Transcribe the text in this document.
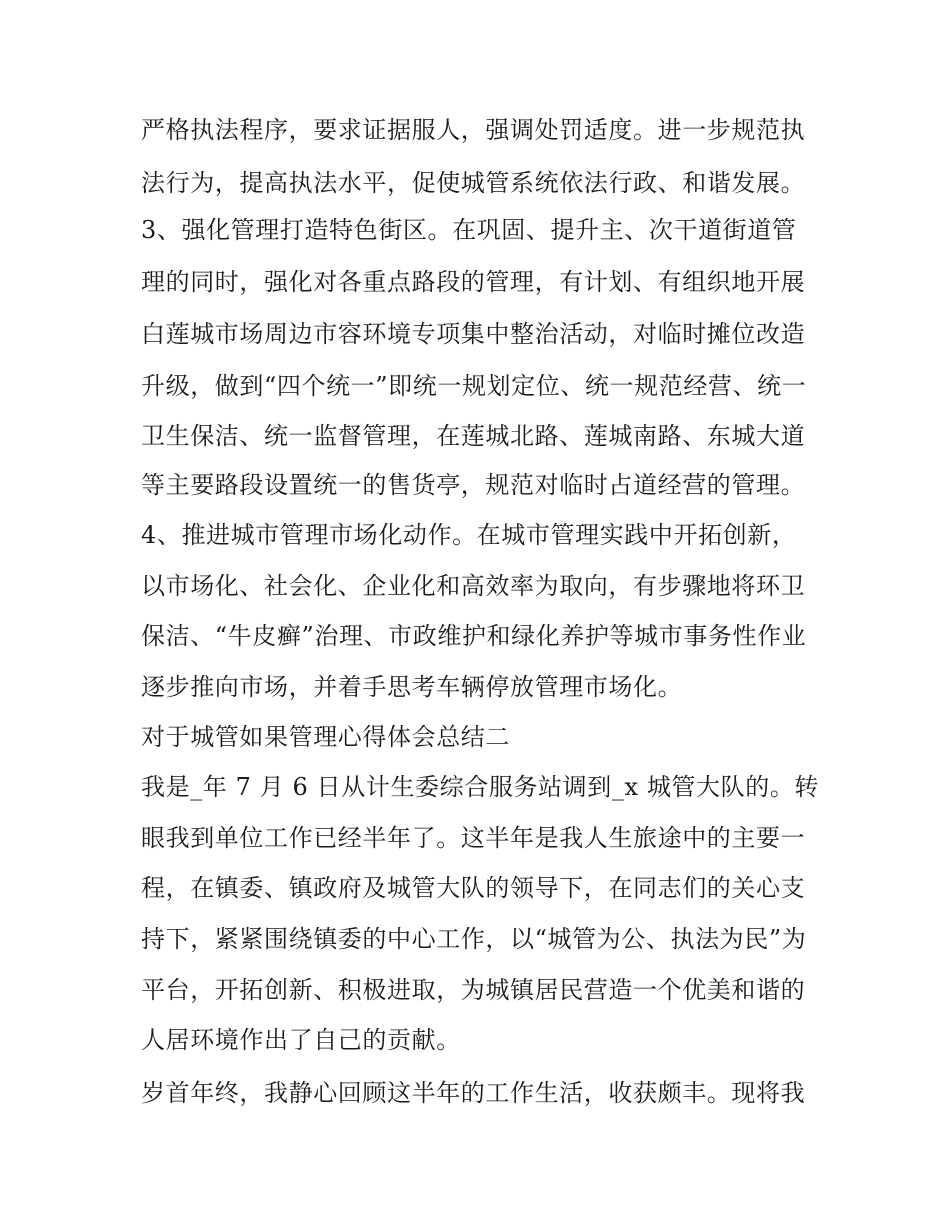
严格执法程序，要求证据服人，强调处罚适度。进一步规范执
法行为，提高执法水平，促使城管系统依法行政、和谐发展。
3、强化管理打造特色街区。在巩固、提升主、次干道街道管
理的同时，强化对各重点路段的管理，有计划、有组织地开展
白莲城市场周边市容环境专项集中整治活动，对临时摊位改造
升级，做到“四个统一”即统一规划定位、统一规范经营、统一
卫生保洁、统一监督管理，在莲城北路、莲城南路、东城大道
等主要路段设置统一的售货亭，规范对临时占道经营的管理。
4、推进城市管理市场化动作。在城市管理实践中开拓创新，
以市场化、社会化、企业化和高效率为取向，有步骤地将环卫
保洁、“牛皮癣”治理、市政维护和绿化养护等城市事务性作业
逐步推向市场，并着手思考车辆停放管理市场化。
对于城管如果管理心得体会总结二
我是_年 7 月 6 日从计生委综合服务站调到_x 城管大队的。转
眼我到单位工作已经半年了。这半年是我人生旅途中的主要一
程，在镇委、镇政府及城管大队的领导下，在同志们的关心支
持下，紧紧围绕镇委的中心工作，以“城管为公、执法为民”为
平台，开拓创新、积极进取，为城镇居民营造一个优美和谐的
人居环境作出了自己的贡献。
岁首年终，我静心回顾这半年的工作生活，收获颇丰。现将我
